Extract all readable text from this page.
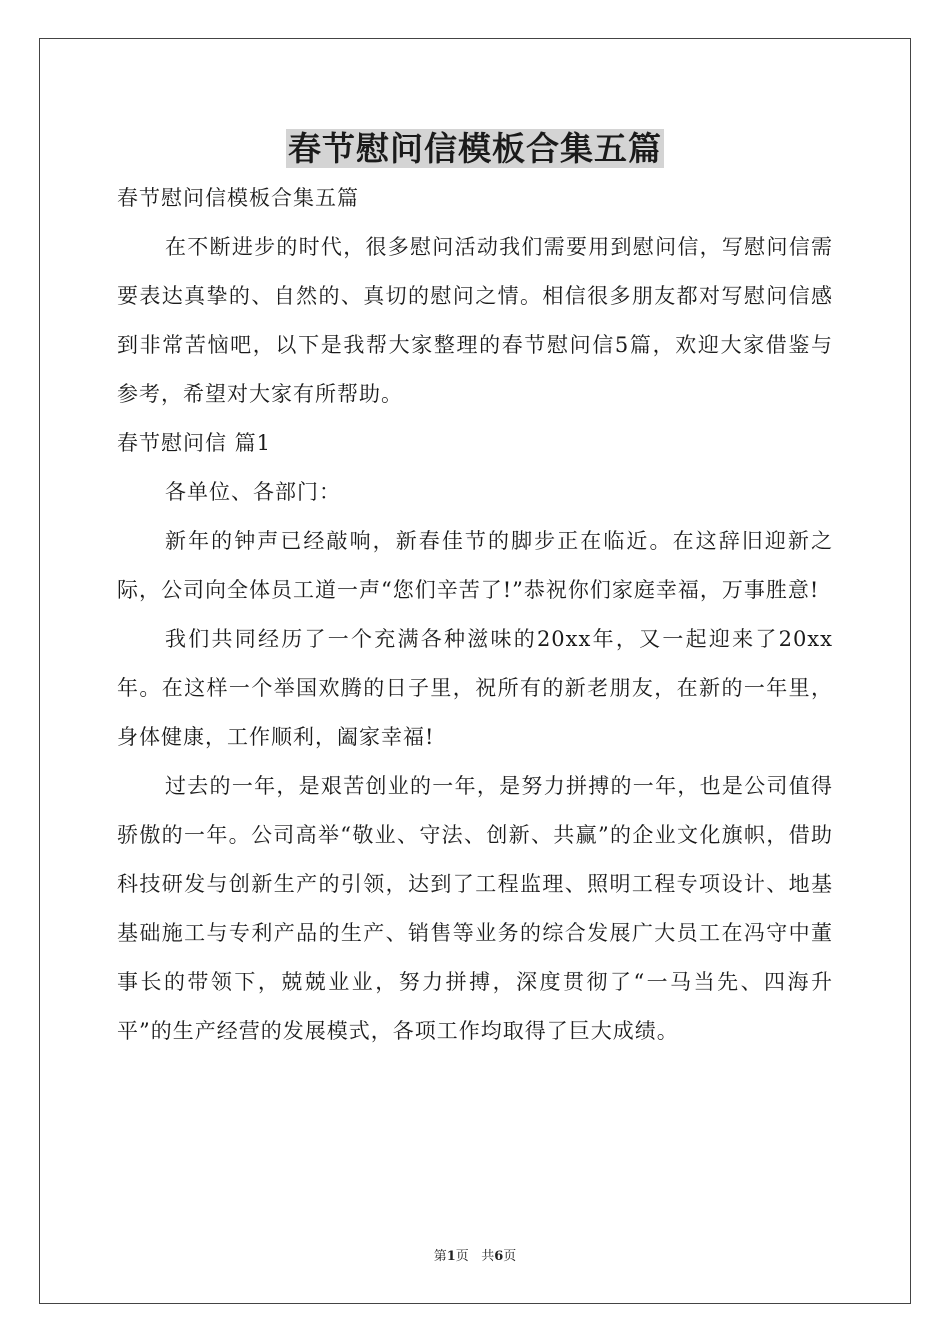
春节慰问信模板合集五篇

春节慰问信模板合集五篇

在不断进步的时代，很多慰问活动我们需要用到慰问信，写慰问信需要表达真挚的、自然的、真切的慰问之情。相信很多朋友都对写慰问信感到非常苦恼吧，以下是我帮大家整理的春节慰问信5篇，欢迎大家借鉴与参考，希望对大家有所帮助。

春节慰问信 篇1

各单位、各部门：

新年的钟声已经敲响，新春佳节的脚步正在临近。在这辞旧迎新之际，公司向全体员工道一声“您们辛苦了!”恭祝你们家庭幸福，万事胜意!

我们共同经历了一个充满各种滋味的20xx年，又一起迎来了20xx年。在这样一个举国欢腾的日子里，祝所有的新老朋友，在新的一年里，身体健康，工作顺利，阖家幸福!

过去的一年，是艰苦创业的一年，是努力拼搏的一年，也是公司值得骄傲的一年。公司高举“敬业、守法、创新、共赢”的企业文化旗帜，借助科技研发与创新生产的引领，达到了工程监理、照明工程专项设计、地基基础施工与专利产品的生产、销售等业务的综合发展广大员工在冯守中董事长的带领下，兢兢业业，努力拼搏，深度贯彻了“一马当先、四海升平”的生产经营的发展模式，各项工作均取得了巨大成绩。

第1页 共6页
